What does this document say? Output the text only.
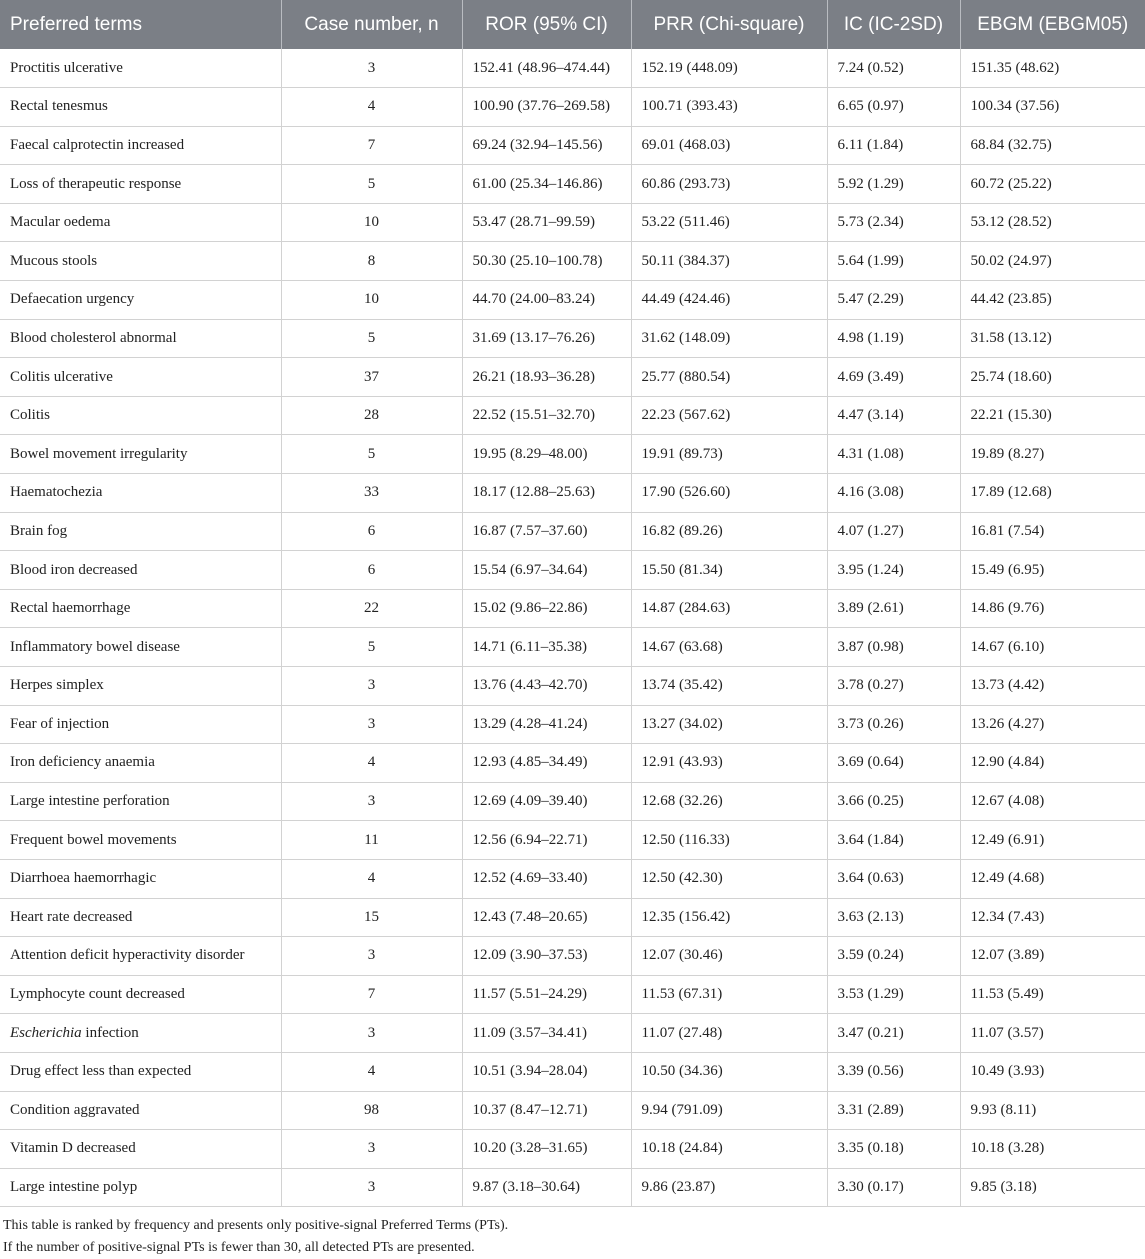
Preferred terms	Case number, n	ROR (95% CI)	PRR (Chi-square)	IC (IC-2SD)	EBGM (EBGM05)
Proctitis ulcerative	3	152.41 (48.96–474.44)	152.19 (448.09)	7.24 (0.52)	151.35 (48.62)
Rectal tenesmus	4	100.90 (37.76–269.58)	100.71 (393.43)	6.65 (0.97)	100.34 (37.56)
Faecal calprotectin increased	7	69.24 (32.94–145.56)	69.01 (468.03)	6.11 (1.84)	68.84 (32.75)
Loss of therapeutic response	5	61.00 (25.34–146.86)	60.86 (293.73)	5.92 (1.29)	60.72 (25.22)
Macular oedema	10	53.47 (28.71–99.59)	53.22 (511.46)	5.73 (2.34)	53.12 (28.52)
Mucous stools	8	50.30 (25.10–100.78)	50.11 (384.37)	5.64 (1.99)	50.02 (24.97)
Defaecation urgency	10	44.70 (24.00–83.24)	44.49 (424.46)	5.47 (2.29)	44.42 (23.85)
Blood cholesterol abnormal	5	31.69 (13.17–76.26)	31.62 (148.09)	4.98 (1.19)	31.58 (13.12)
Colitis ulcerative	37	26.21 (18.93–36.28)	25.77 (880.54)	4.69 (3.49)	25.74 (18.60)
Colitis	28	22.52 (15.51–32.70)	22.23 (567.62)	4.47 (3.14)	22.21 (15.30)
Bowel movement irregularity	5	19.95 (8.29–48.00)	19.91 (89.73)	4.31 (1.08)	19.89 (8.27)
Haematochezia	33	18.17 (12.88–25.63)	17.90 (526.60)	4.16 (3.08)	17.89 (12.68)
Brain fog	6	16.87 (7.57–37.60)	16.82 (89.26)	4.07 (1.27)	16.81 (7.54)
Blood iron decreased	6	15.54 (6.97–34.64)	15.50 (81.34)	3.95 (1.24)	15.49 (6.95)
Rectal haemorrhage	22	15.02 (9.86–22.86)	14.87 (284.63)	3.89 (2.61)	14.86 (9.76)
Inflammatory bowel disease	5	14.71 (6.11–35.38)	14.67 (63.68)	3.87 (0.98)	14.67 (6.10)
Herpes simplex	3	13.76 (4.43–42.70)	13.74 (35.42)	3.78 (0.27)	13.73 (4.42)
Fear of injection	3	13.29 (4.28–41.24)	13.27 (34.02)	3.73 (0.26)	13.26 (4.27)
Iron deficiency anaemia	4	12.93 (4.85–34.49)	12.91 (43.93)	3.69 (0.64)	12.90 (4.84)
Large intestine perforation	3	12.69 (4.09–39.40)	12.68 (32.26)	3.66 (0.25)	12.67 (4.08)
Frequent bowel movements	11	12.56 (6.94–22.71)	12.50 (116.33)	3.64 (1.84)	12.49 (6.91)
Diarrhoea haemorrhagic	4	12.52 (4.69–33.40)	12.50 (42.30)	3.64 (0.63)	12.49 (4.68)
Heart rate decreased	15	12.43 (7.48–20.65)	12.35 (156.42)	3.63 (2.13)	12.34 (7.43)
Attention deficit hyperactivity disorder	3	12.09 (3.90–37.53)	12.07 (30.46)	3.59 (0.24)	12.07 (3.89)
Lymphocyte count decreased	7	11.57 (5.51–24.29)	11.53 (67.31)	3.53 (1.29)	11.53 (5.49)
Escherichia infection	3	11.09 (3.57–34.41)	11.07 (27.48)	3.47 (0.21)	11.07 (3.57)
Drug effect less than expected	4	10.51 (3.94–28.04)	10.50 (34.36)	3.39 (0.56)	10.49 (3.93)
Condition aggravated	98	10.37 (8.47–12.71)	9.94 (791.09)	3.31 (2.89)	9.93 (8.11)
Vitamin D decreased	3	10.20 (3.28–31.65)	10.18 (24.84)	3.35 (0.18)	10.18 (3.28)
Large intestine polyp	3	9.87 (3.18–30.64)	9.86 (23.87)	3.30 (0.17)	9.85 (3.18)
This table is ranked by frequency and presents only positive-signal Preferred Terms (PTs).
If the number of positive-signal PTs is fewer than 30, all detected PTs are presented.
